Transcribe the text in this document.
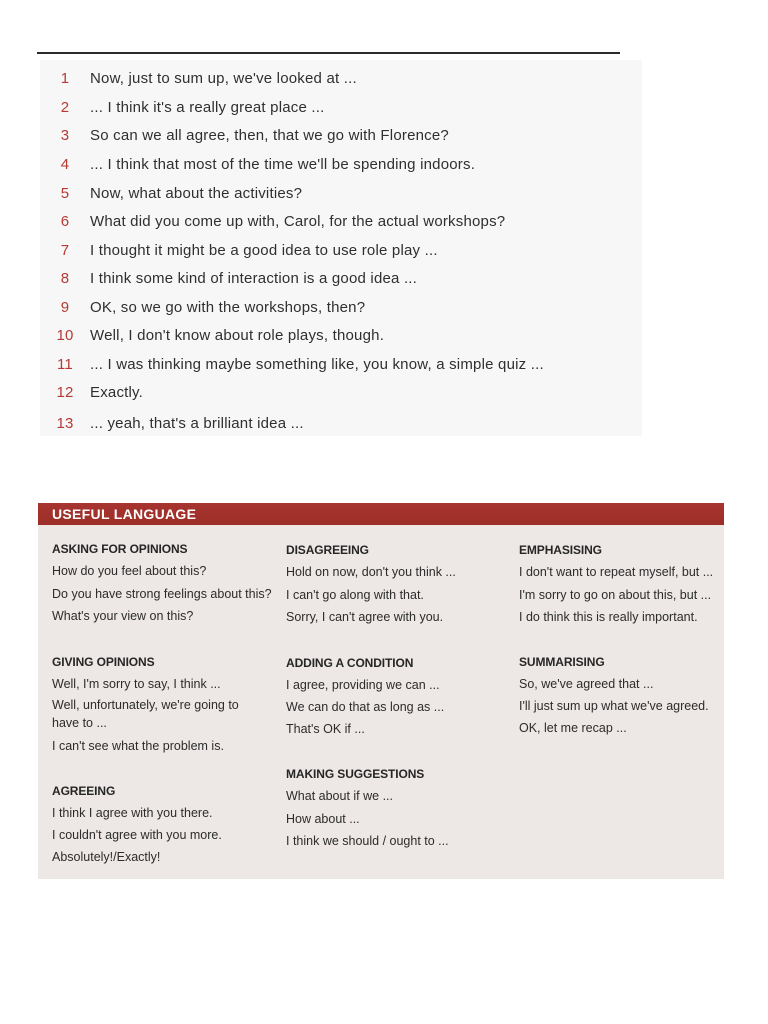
1	Now, just to sum up, we've looked at ...
2	... I think it's a really great place ...
3	So can we all agree, then, that we go with Florence?
4	... I think that most of the time we'll be spending indoors.
5	Now, what about the activities?
6	What did you come up with, Carol, for the actual workshops?
7	I thought it might be a good idea to use role play ...
8	I think some kind of interaction is a good idea ...
9	OK, so we go with the workshops, then?
10	Well, I don't know about role plays, though.
11	... I was thinking maybe something like, you know, a simple quiz ...
12	Exactly.
13	... yeah, that's a brilliant idea ...
USEFUL LANGUAGE
ASKING FOR OPINIONS
How do you feel about this?
Do you have strong feelings about this?
What's your view on this?
GIVING OPINIONS
Well, I'm sorry to say, I think ...
Well, unfortunately, we're going to have to ...
I can't see what the problem is.
AGREEING
I think I agree with you there.
I couldn't agree with you more.
Absolutely!/Exactly!
DISAGREEING
Hold on now, don't you think ...
I can't go along with that.
Sorry, I can't agree with you.
ADDING A CONDITION
I agree, providing we can ...
We can do that as long as ...
That's OK if ...
MAKING SUGGESTIONS
What about if we ...
How about ...
I think we should / ought to ...
EMPHASISING
I don't want to repeat myself, but ...
I'm sorry to go on about this, but ...
I do think this is really important.
SUMMARISING
So, we've agreed that ...
I'll just sum up what we've agreed.
OK, let me recap ...
